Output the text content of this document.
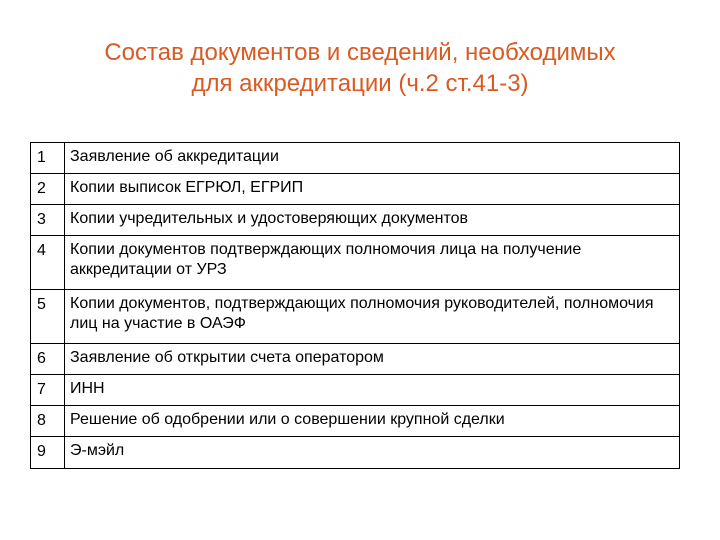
Состав документов и сведений, необходимых
для аккредитации (ч.2 ст.41-3)
1	Заявление об аккредитации
2	Копии выписок ЕГРЮЛ, ЕГРИП
3	Копии учредительных и удостоверяющих документов
4	Копии документов подтверждающих полномочия лица на получение аккредитации от УРЗ
5	Копии документов, подтверждающих полномочия руководителей, полномочия лиц на участие в ОАЭФ
6	Заявление об открытии счета оператором
7	ИНН
8	Решение об одобрении или о совершении крупной сделки
9	Э-мэйл
